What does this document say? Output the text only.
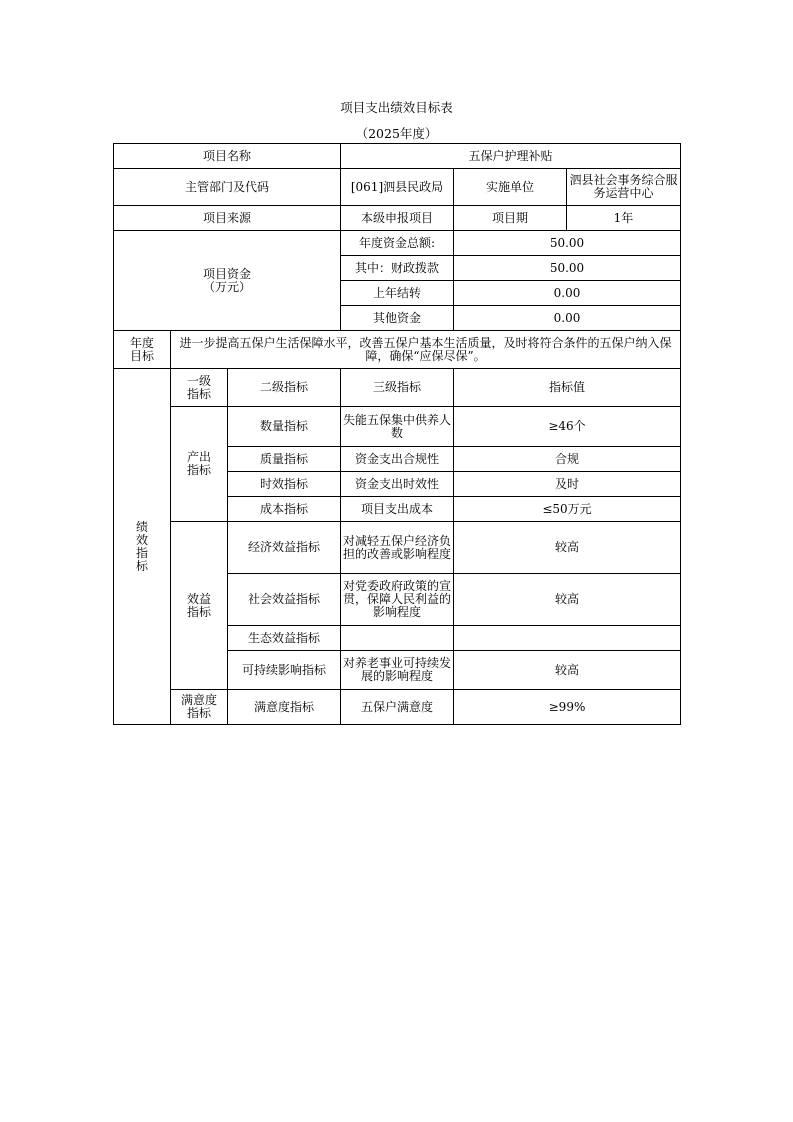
项目支出绩效目标表
（2025年度）
项目名称			五保户护理补贴		
主管部门及代码			[061]泗县民政局	实施单位	泗县社会事务综合服务运营中心
项目来源			本级申报项目	项目期	1年

项目资金
（万元）			年度资金总额:	50.00	
			其中：财政拨款	50.00	
			上年结转	0.00	
			其他资金	0.00	

年度
目标	进一步提高五保户生活保障水平，改善五保户基本生活质量，及时将符合条件的五保户纳入保障，确保“应保尽保”。				

绩效指标	一级指标	二级指标	三级指标	指标值	

	产出指标	数量指标	失能五保集中供养人数	≥46个	
		质量指标	资金支出合规性	合规	
		时效指标	资金支出时效性	及时	
		成本指标	项目支出成本	≤50万元	

	效益指标	经济效益指标	对减轻五保户经济负担的改善或影响程度	较高	
		社会效益指标	对党委政府政策的宣贯，保障人民利益的影响程度	较高	
		生态效益指标			
		可持续影响指标	对养老事业可持续发展的影响程度	较高	

	满意度指标	满意度指标	五保户满意度	≥99%	
